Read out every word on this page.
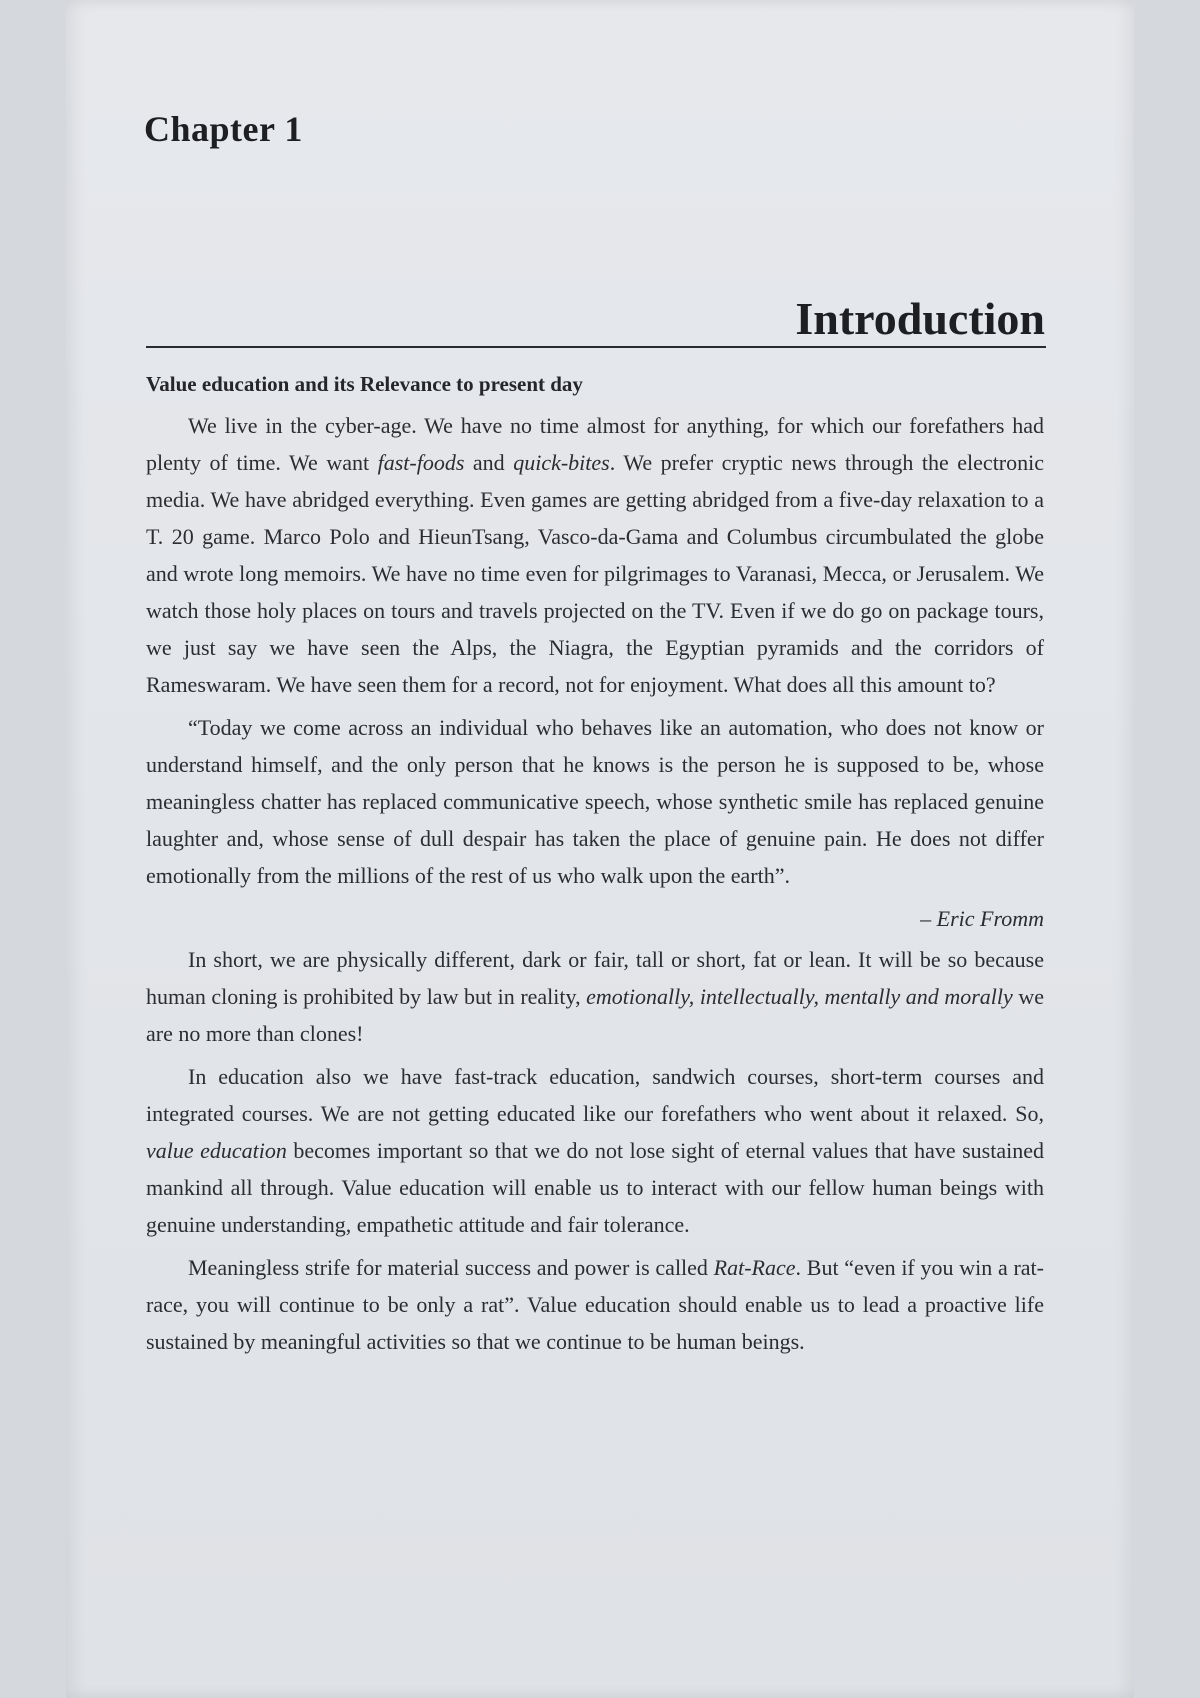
Chapter 1
Introduction
Value education and its Relevance to present day

We live in the cyber-age. We have no time almost for anything, for which our forefathers had plenty of time. We want fast-foods and quick-bites. We prefer cryptic news through the electronic media. We have abridged everything. Even games are getting abridged from a five-day relaxation to a T. 20 game. Marco Polo and HieunTsang, Vasco-da-Gama and Columbus circumbulated the globe and wrote long memoirs. We have no time even for pilgrimages to Varanasi, Mecca, or Jerusalem. We watch those holy places on tours and travels projected on the TV. Even if we do go on package tours, we just say we have seen the Alps, the Niagra, the Egyptian pyramids and the corridors of Rameswaram. We have seen them for a record, not for enjoyment. What does all this amount to?

“Today we come across an individual who behaves like an automation, who does not know or understand himself, and the only person that he knows is the person he is supposed to be, whose meaningless chatter has replaced communicative speech, whose synthetic smile has replaced genuine laughter and, whose sense of dull despair has taken the place of genuine pain. He does not differ emotionally from the millions of the rest of us who walk upon the earth”.

– Eric Fromm

In short, we are physically different, dark or fair, tall or short, fat or lean. It will be so because human cloning is prohibited by law but in reality, emotionally, intellectually, mentally and morally we are no more than clones!

In education also we have fast-track education, sandwich courses, short-term courses and integrated courses. We are not getting educated like our forefathers who went about it relaxed. So, value education becomes important so that we do not lose sight of eternal values that have sustained mankind all through. Value education will enable us to interact with our fellow human beings with genuine understanding, empathetic attitude and fair tolerance.

Meaningless strife for material success and power is called Rat-Race. But “even if you win a rat-race, you will continue to be only a rat”. Value education should enable us to lead a proactive life sustained by meaningful activities so that we continue to be human beings.
